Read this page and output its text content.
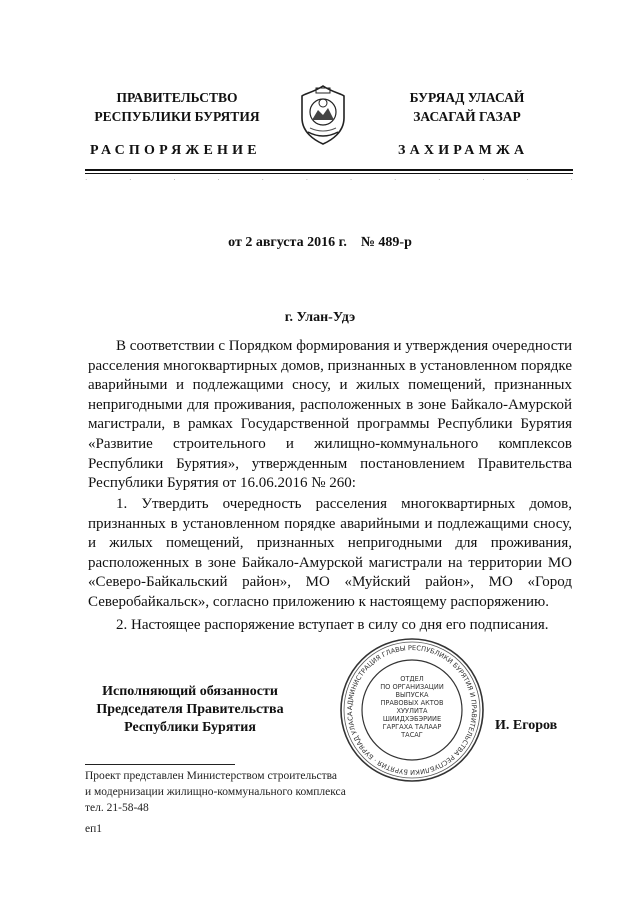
ПРАВИТЕЛЬСТВО
РЕСПУБЛИКИ БУРЯТИЯ
БУРЯАД УЛАСАЙ
ЗАСАГАЙ ГАЗАР
РАСПОРЯЖЕНИЕ	ЗАХИРАМЖА
·	·	·	·	·	·	·	·	·	·	·	·
от 2 августа 2016 г.    № 489-р
г. Улан-Удэ
В соответствии с Порядком формирования и утверждения очередности расселения многоквартирных домов, признанных в установленном порядке аварийными и подлежащими сносу, и жилых помещений, признанных непригодными для проживания, расположенных в зоне Байкало-Амурской магистрали, в рамках Государственной программы Республики Бурятия «Развитие строительного и жилищно-коммунального комплексов Республики Бурятия», утвержденным постановлением Правительства Республики Бурятия от 16.06.2016 № 260:
1. Утвердить очередность расселения многоквартирных домов, признанных в установленном порядке аварийными и подлежащими сносу, и жилых помещений, признанных непригодными для проживания, расположенных в зоне Байкало-Амурской магистрали на территории МО «Северо-Байкальский район», МО «Муйский район», МО «Город Северобайкальск», согласно приложению к настоящему распоряжению.
2. Настоящее распоряжение вступает в силу со дня его подписания.
Исполняющий обязанности
Председателя Правительства
Республики Бурятия
АДМИНИСТРАЦИЯ ГЛАВЫ РЕСПУБЛИКИ БУРЯТИЯ И ПРАВИТЕЛЬСТВА РЕСПУБЛИКИ БУРЯТИЯ · БУРЯАД УЛАСА
ОТДЕЛ
ПО ОРГАНИЗАЦИИ
ВЫПУСКА
ПРАВОВЫХ АКТОВ
ХУУЛИТА
ШИИДХЭБЭРИИЕ
ГАРГАХА ТАЛААР
ТАСАГ
И. Егоров
Проект представлен Министерством строительства
и модернизации жилищно-коммунального комплекса
тел. 21-58-48
еп1
